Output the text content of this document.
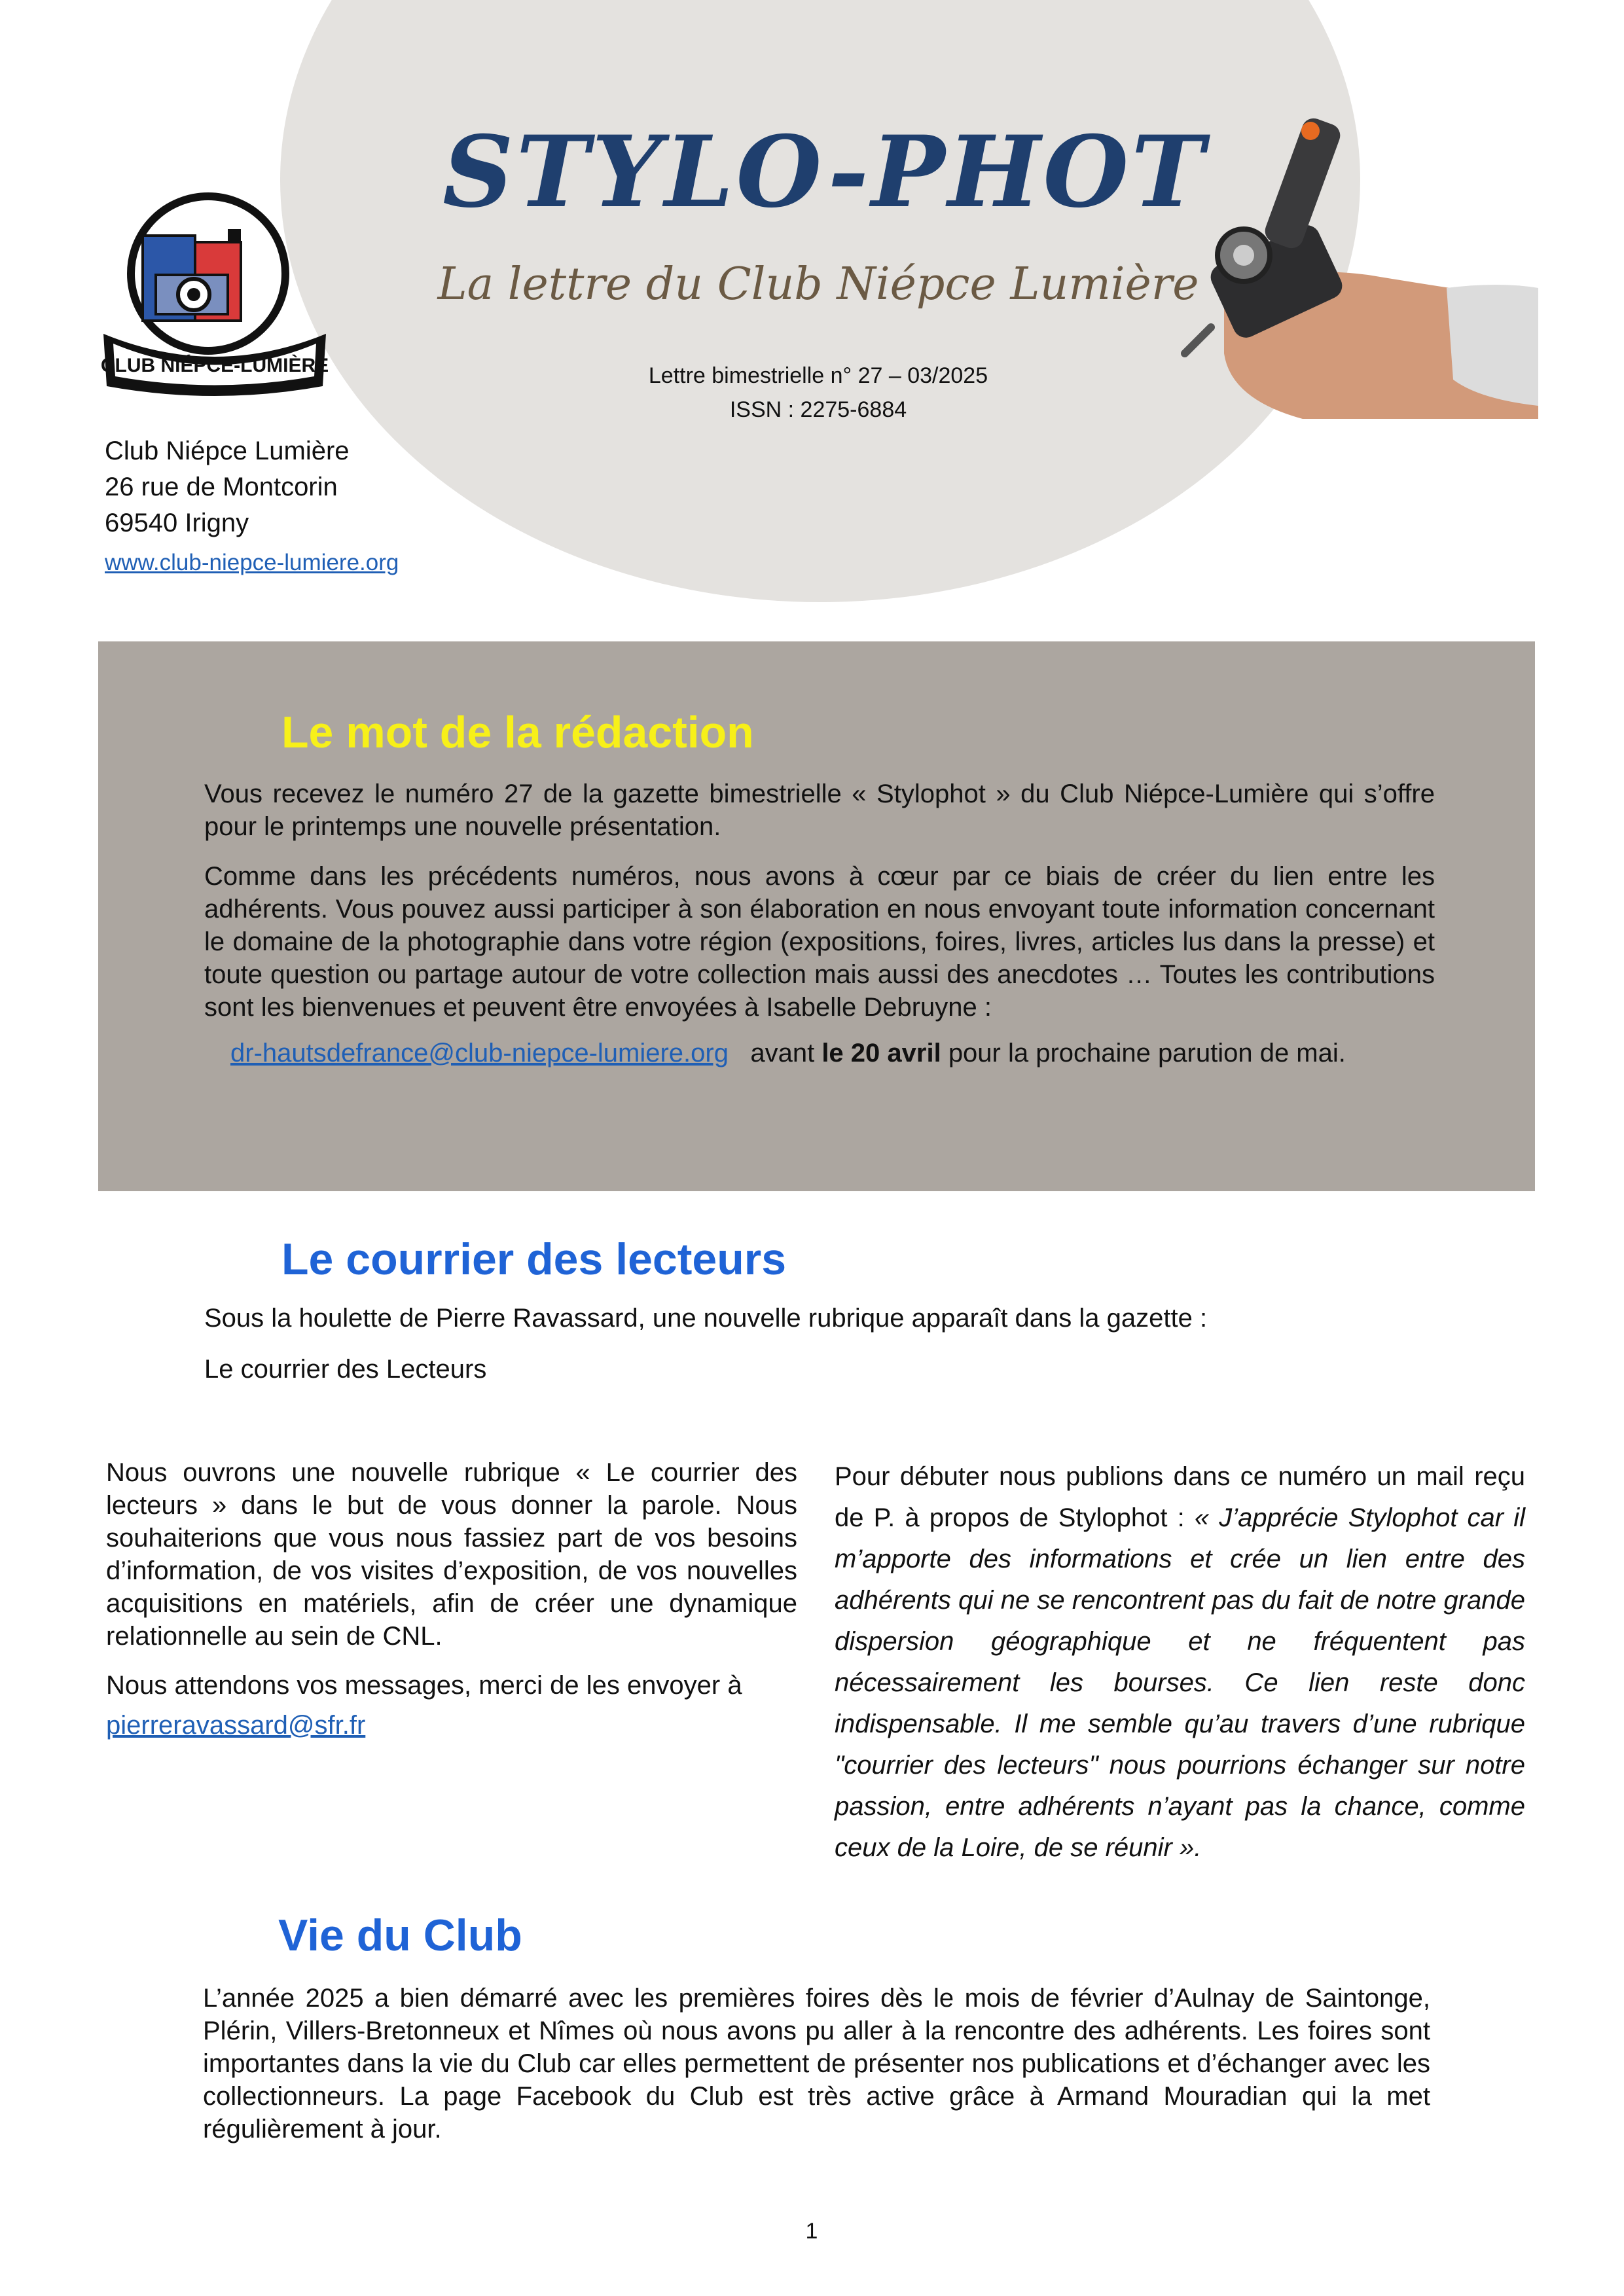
CLUB NIÉPCE-LUMIÈRE
STYLO-PHOT
La lettre du Club Niépce Lumière
Lettre bimestrielle n° 27 – 03/2025
ISSN : 2275-6884
Club Niépce Lumière
26 rue de Montcorin
69540 Irigny
www.club-niepce-lumiere.org
Le mot de la rédaction
Vous recevez le numéro 27 de la gazette bimestrielle « Stylophot » du Club Niépce-Lumière qui s’offre pour le printemps une nouvelle présentation.
Comme dans les précédents numéros, nous avons à cœur par ce biais de créer du lien entre les adhérents. Vous pouvez aussi participer à son élaboration en nous envoyant toute information concernant le domaine de la photographie dans votre région (expositions, foires, livres, articles lus dans la presse) et toute question ou partage autour de votre collection mais aussi des anecdotes … Toutes les contributions sont les bienvenues et peuvent être envoyées à Isabelle Debruyne :
dr-hautsdefrance@club-niepce-lumiere.org avant le 20 avril pour la prochaine parution de mai.
Le courrier des lecteurs
Sous la houlette de Pierre Ravassard, une nouvelle rubrique apparaît dans la gazette :
Le courrier des Lecteurs
Nous ouvrons une nouvelle rubrique « Le courrier des lecteurs » dans le but de vous donner la parole. Nous souhaiterions que vous nous fassiez part de vos besoins d’information, de vos visites d’exposition, de vos nouvelles acquisitions en matériels, afin de créer une dynamique relationnelle au sein de CNL.
Nous attendons vos messages, merci de les envoyer à
pierreravassard@sfr.fr
Pour débuter nous publions dans ce numéro un mail reçu de P. à propos de Stylophot : « J’apprécie Stylophot car il m’apporte des informations et crée un lien entre des adhérents qui ne se rencontrent pas du fait de notre grande dispersion géographique et ne fréquentent pas nécessairement les bourses. Ce lien reste donc indispensable. Il me semble qu’au travers d’une rubrique "courrier des lecteurs" nous pourrions échanger sur notre passion, entre adhérents n’ayant pas la chance, comme ceux de la Loire, de se réunir ».
Vie du Club
L’année 2025 a bien démarré avec les premières foires dès le mois de février d’Aulnay de Saintonge, Plérin, Villers-Bretonneux et Nîmes où nous avons pu aller à la rencontre des adhérents. Les foires sont importantes dans la vie du Club car elles permettent de présenter nos publications et d’échanger avec les collectionneurs. La page Facebook du Club est très active grâce à Armand Mouradian qui la met régulièrement à jour.
1
